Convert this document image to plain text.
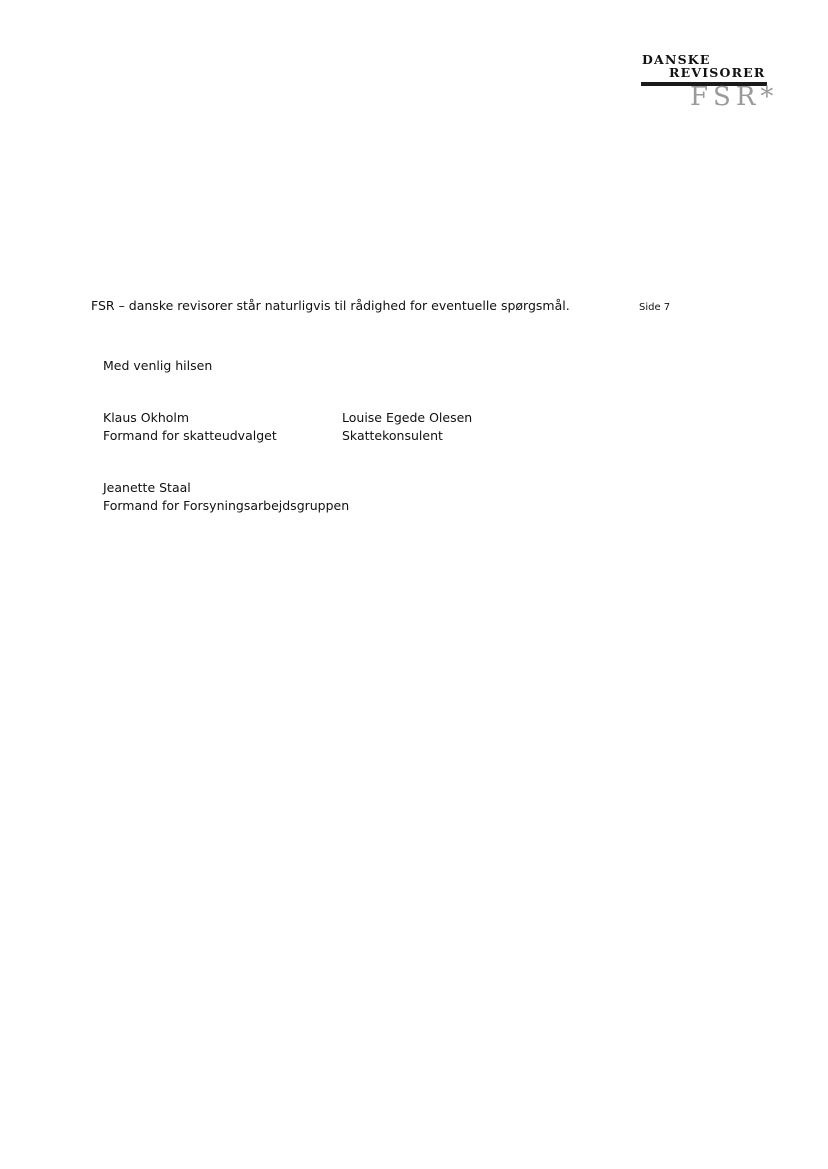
DANSKE
REVISORER
FSR*
FSR – danske revisorer står naturligvis til rådighed for eventuelle spørgsmål.	Side 7
Med venlig hilsen
Klaus Okholm
Formand for skatteudvalget
Louise Egede Olesen
Skattekonsulent
Jeanette Staal
Formand for Forsyningsarbejdsgruppen
